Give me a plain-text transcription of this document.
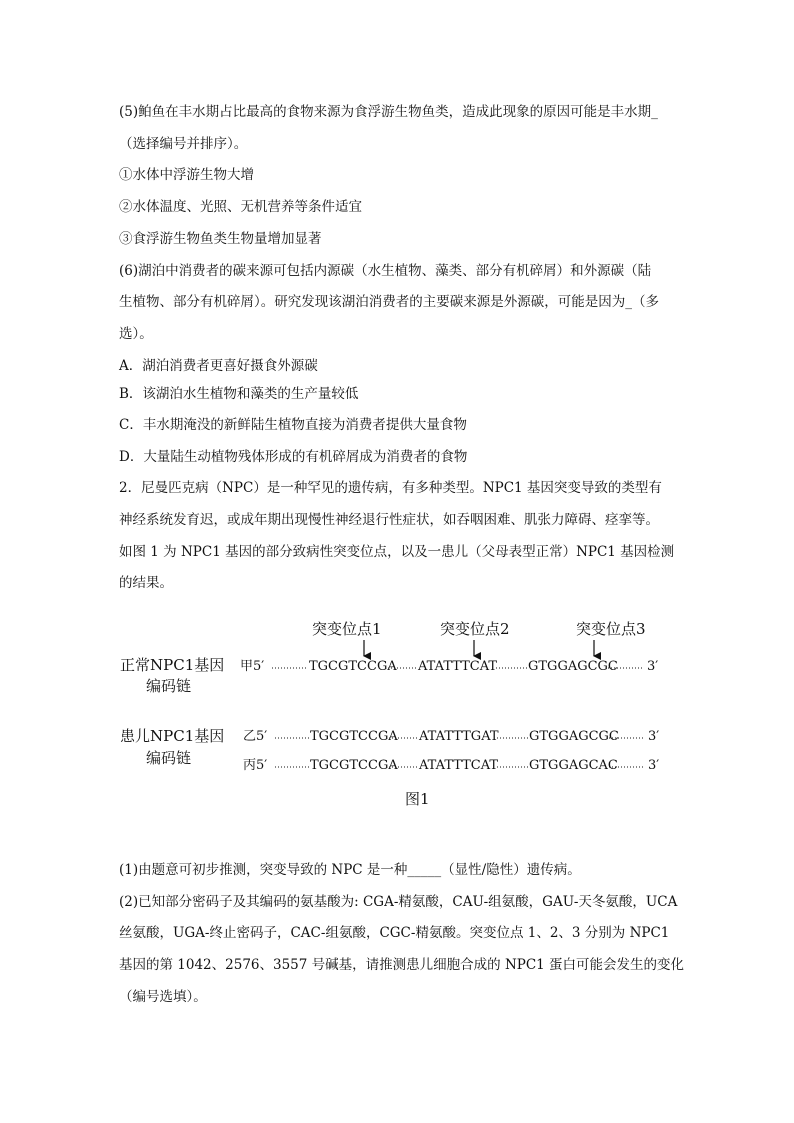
(5)鲌鱼在丰水期占比最高的食物来源为食浮游生物鱼类，造成此现象的原因可能是丰水期_
（选择编号并排序）。
①水体中浮游生物大增
②水体温度、光照、无机营养等条件适宜
③食浮游生物鱼类生物量增加显著
(6)湖泊中消费者的碳来源可包括内源碳（水生植物、藻类、部分有机碎屑）和外源碳（陆
生植物、部分有机碎屑）。研究发现该湖泊消费者的主要碳来源是外源碳，可能是因为_（多
选）。
A．湖泊消费者更喜好摄食外源碳
B．该湖泊水生植物和藻类的生产量较低
C．丰水期淹没的新鲜陆生植物直接为消费者提供大量食物
D．大量陆生动植物残体形成的有机碎屑成为消费者的食物
2．尼曼匹克病（NPC）是一种罕见的遗传病，有多种类型。NPC1 基因突变导致的类型有
神经系统发育迟，或成年期出现慢性神经退行性症状，如吞咽困难、肌张力障碍、痉挛等。
如图 1 为 NPC1 基因的部分致病性突变位点，以及一患儿（父母表型正常）NPC1 基因检测
的结果。
突变位点1	突变位点2	突变位点3
正常NPC1基因
编码链
甲5′	TGCGTCCGA ATATTTCAT GTGGAGCGC 3′
患儿NPC1基因
编码链
乙5′	TGCGTCCGA ATATTTGAT GTGGAGCGC 3′
丙5′	TGCGTCCGA ATATTTCAT GTGGAGCAC 3′
图1
(1)由题意可初步推测，突变导致的 NPC 是一种_____（显性/隐性）遗传病。
(2)已知部分密码子及其编码的氨基酸为: CGA-精氨酸，CAU-组氨酸，GAU-天冬氨酸，UCA
丝氨酸，UGA-终止密码子，CAC-组氨酸，CGC-精氨酸。突变位点 1、2、3 分别为 NPC1
基因的第 1042、2576、3557 号碱基，请推测患儿细胞合成的 NPC1 蛋白可能会发生的变化
（编号选填）。
